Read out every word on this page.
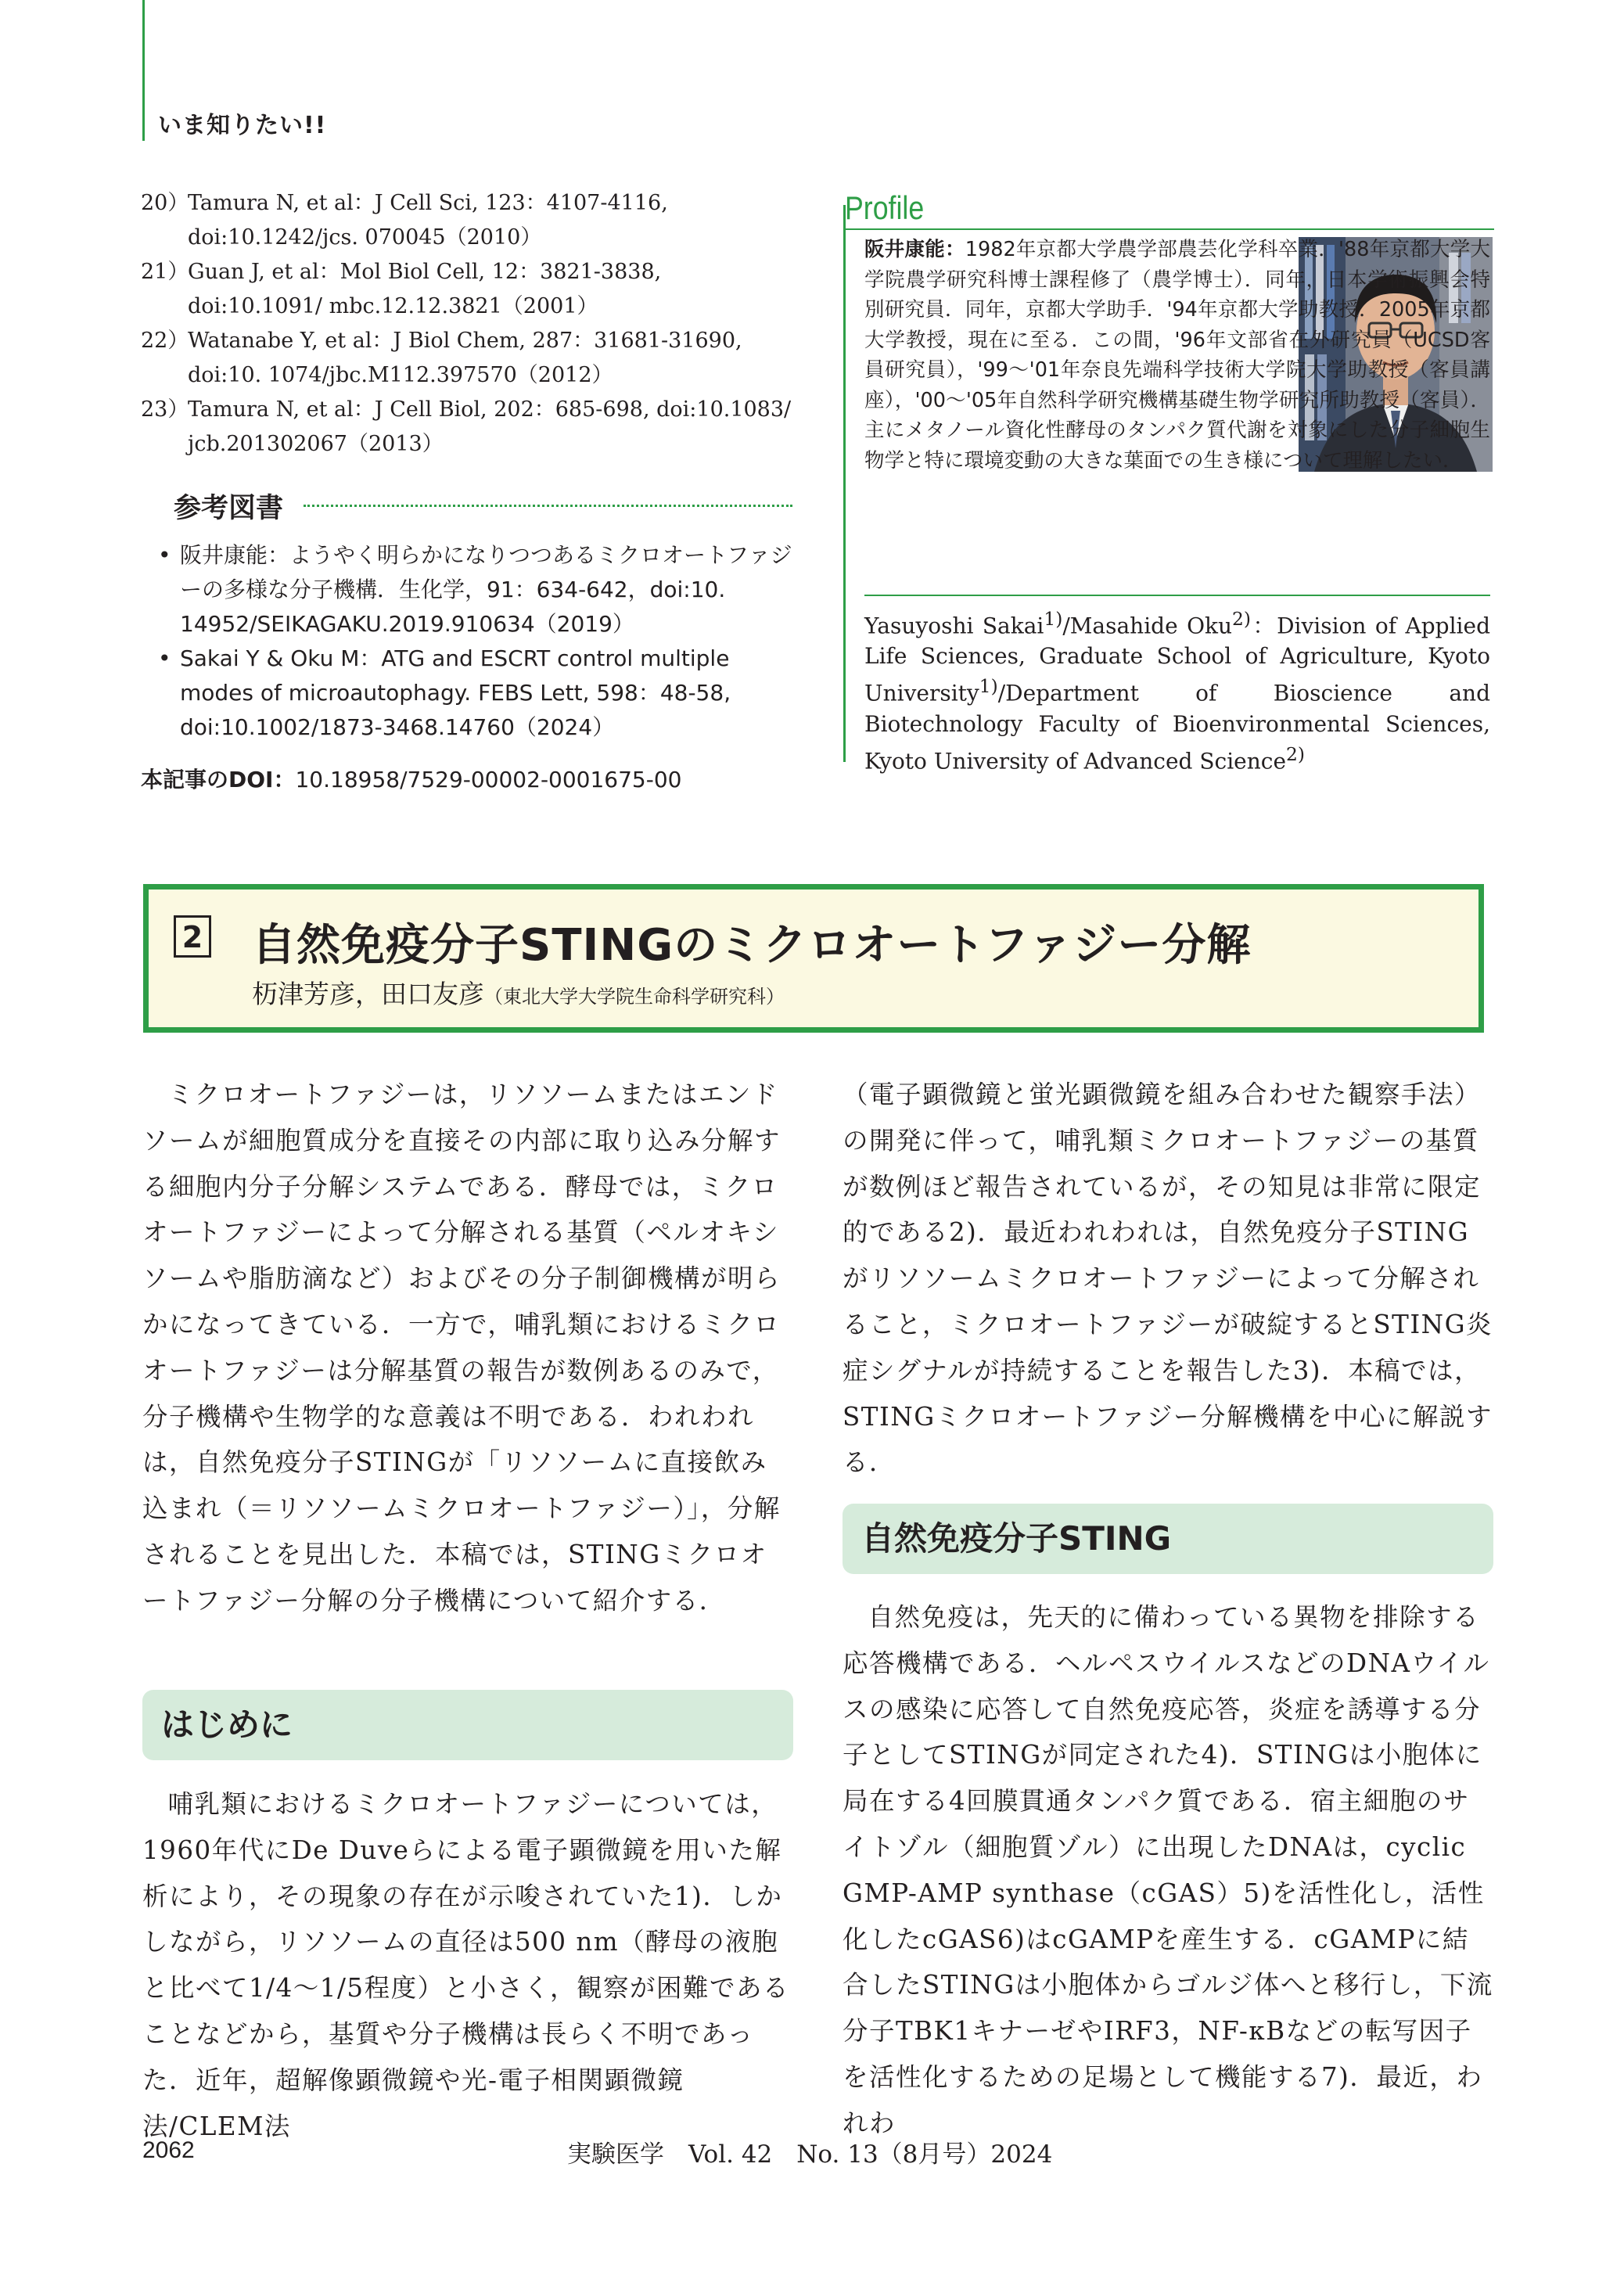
いま知りたい!!
20）
Tamura N, et al：J Cell Sci, 123：4107-4116, doi:10.1242/jcs. 070045（2010）
21）
Guan J, et al：Mol Biol Cell, 12：3821-3838, doi:10.1091/ mbc.12.12.3821（2001）
22）
Watanabe Y, et al：J Biol Chem, 287：31681-31690, doi:10. 1074/jbc.M112.397570（2012）
23）
Tamura N, et al：J Cell Biol, 202：685-698, doi:10.1083/ jcb.201302067（2013）
参考図書
• 阪井康能：ようやく明らかになりつつあるミクロオートファジーの多様な分子機構．生化学，91：634-642，doi:10. 14952/SEIKAGAKU.2019.910634（2019）
• Sakai Y & Oku M：ATG and ESCRT control multiple modes of microautophagy. FEBS Lett, 598：48-58, doi:10.1002/1873-3468.14760（2024）
本記事のDOI：10.18958/7529-00002-0001675-00
Profile
阪井康能：1982年京都大学農学部農芸化学科卒業．'88年京都大学大学院農学研究科博士課程修了（農学博士）．同年，日本学術振興会特別研究員．同年，京都大学助手．'94年京都大学助教授．2005年京都大学教授，現在に至る．この間，'96年文部省在外研究員（UCSD客員研究員），'99～'01年奈良先端科学技術大学院大学助教授（客員講座），'00～'05年自然科学研究機構基礎生物学研究所助教授（客員）．主にメタノール資化性酵母のタンパク質代謝を対象にした分子細胞生物学と特に環境変動の大きな葉面での生き様について理解したい．
Yasuyoshi Sakai$^{1)}$/Masahide Oku$^{2)}$：Division of Applied Life Sciences, Graduate School of Agriculture, Kyoto University$^{1)}$/Department of Bioscience and Biotechnology Faculty of Bioenvironmental Sciences, Kyoto University of Advanced Science$^{2)}$
2 自然免疫分子STINGのミクロオートファジー分解
杤津芳彦，田口友彦（東北大学大学院生命科学研究科）

ミクロオートファジーは，リソソームまたはエンドソームが細胞質成分を直接その内部に取り込み分解する細胞内分子分解システムである．酵母では，ミクロオートファジーによって分解される基質（ペルオキシソームや脂肪滴など）およびその分子制御機構が明らかになってきている．一方で，哺乳類におけるミクロオートファジーは分解基質の報告が数例あるのみで，分子機構や生物学的な意義は不明である．われわれは，自然免疫分子STINGが「リソソームに直接飲み込まれ（＝リソソームミクロオートファジー）」，分解されることを見出した．本稿では，STINGミクロオートファジー分解の分子機構について紹介する．

はじめに

哺乳類におけるミクロオートファジーについては，1960年代にDe Duveらによる電子顕微鏡を用いた解析により，その現象の存在が示唆されていた1)．しかしながら，リソソームの直径は500 nm（酵母の液胞と比べて1/4～1/5程度）と小さく，観察が困難であることなどから，基質や分子機構は長らく不明であった．近年，超解像顕微鏡や光-電子相関顕微鏡法/CLEM法

（電子顕微鏡と蛍光顕微鏡を組み合わせた観察手法）の開発に伴って，哺乳類ミクロオートファジーの基質が数例ほど報告されているが，その知見は非常に限定的である2)．最近われわれは，自然免疫分子STINGがリソソームミクロオートファジーによって分解されること，ミクロオートファジーが破綻するとSTING炎症シグナルが持続することを報告した3)．本稿では，STINGミクロオートファジー分解機構を中心に解説する．

自然免疫分子STING

自然免疫は，先天的に備わっている異物を排除する応答機構である．ヘルペスウイルスなどのDNAウイルスの感染に応答して自然免疫応答，炎症を誘導する分子としてSTINGが同定された4)．STINGは小胞体に局在する4回膜貫通タンパク質である．宿主細胞のサイトゾル（細胞質ゾル）に出現したDNAは，cyclic GMP-AMP synthase（cGAS）5)を活性化し，活性化したcGAS6)はcGAMPを産生する．cGAMPに結合したSTINGは小胞体からゴルジ体へと移行し，下流分子TBK1キナーゼやIRF3，NF-κBなどの転写因子を活性化するための足場として機能する7)．最近，われわ

2062	実験医学　Vol. 42　No. 13（8月号）2024
